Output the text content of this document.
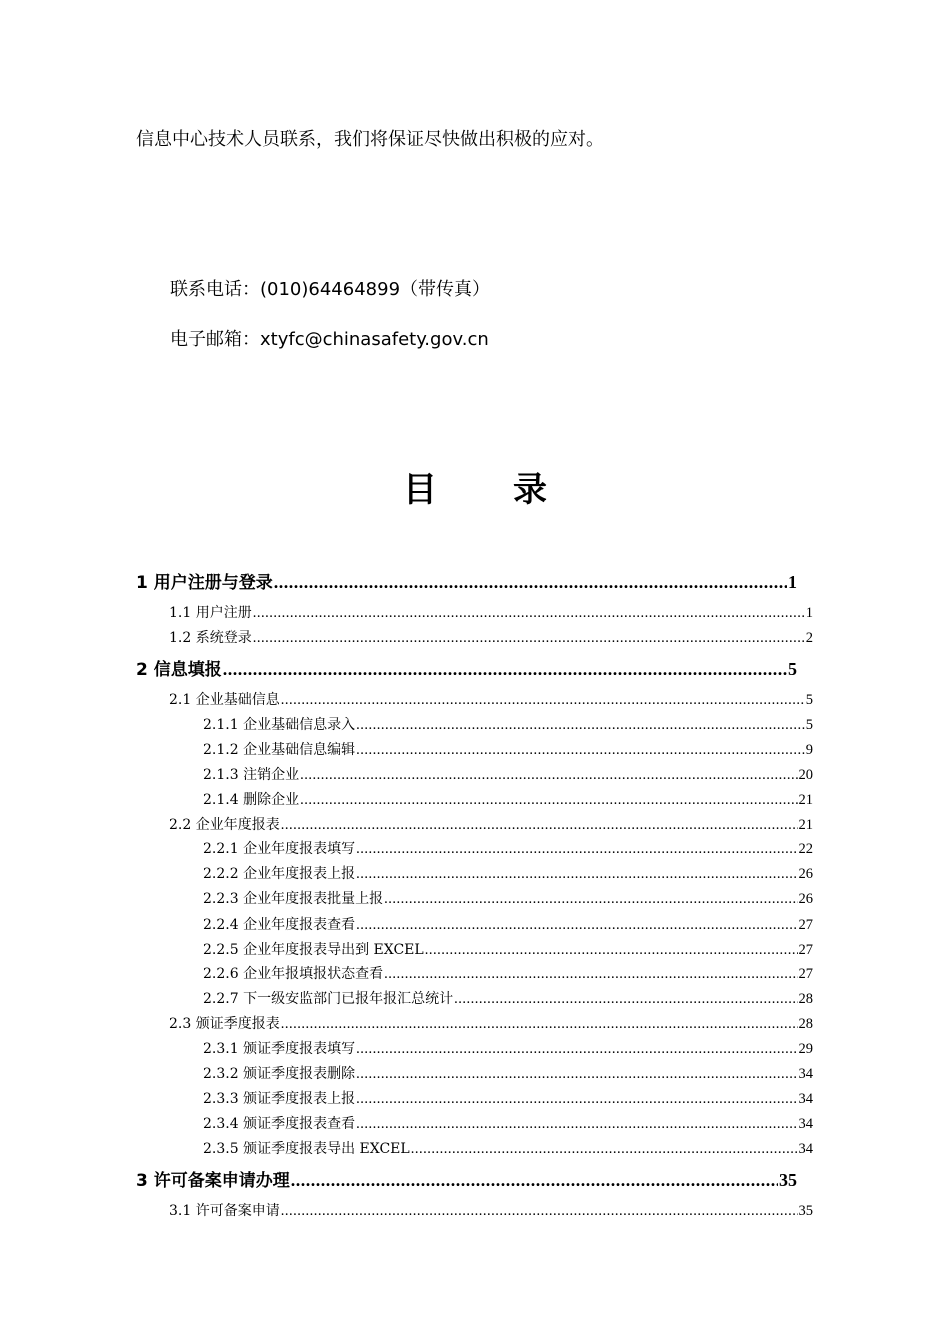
信息中心技术人员联系，我们将保证尽快做出积极的应对。
联系电话：(010)64464899（带传真）
电子邮箱：xtyfc@chinasafety.gov.cn
目录
1 用户注册与登录 .....	1
1.1 用户注册 .....	1
1.2 系统登录 .....	2
2 信息填报 .....	5
2.1 企业基础信息 .....	5
2.1.1 企业基础信息录入 .....	5
2.1.2 企业基础信息编辑 .....	9
2.1.3 注销企业 .....	20
2.1.4 删除企业 .....	21
2.2 企业年度报表 .....	21
2.2.1 企业年度报表填写 .....	22
2.2.2 企业年度报表上报 .....	26
2.2.3 企业年度报表批量上报 .....	26
2.2.4 企业年度报表查看 .....	27
2.2.5 企业年度报表导出到 EXCEL .....	27
2.2.6 企业年报填报状态查看 .....	27
2.2.7 下一级安监部门已报年报汇总统计 .....	28
2.3 颁证季度报表 .....	28
2.3.1 颁证季度报表填写 .....	29
2.3.2 颁证季度报表删除 .....	34
2.3.3 颁证季度报表上报 .....	34
2.3.4 颁证季度报表查看 .....	34
2.3.5 颁证季度报表导出 EXCEL .....	34
3 许可备案申请办理 .....	35
3.1 许可备案申请 .....	35
